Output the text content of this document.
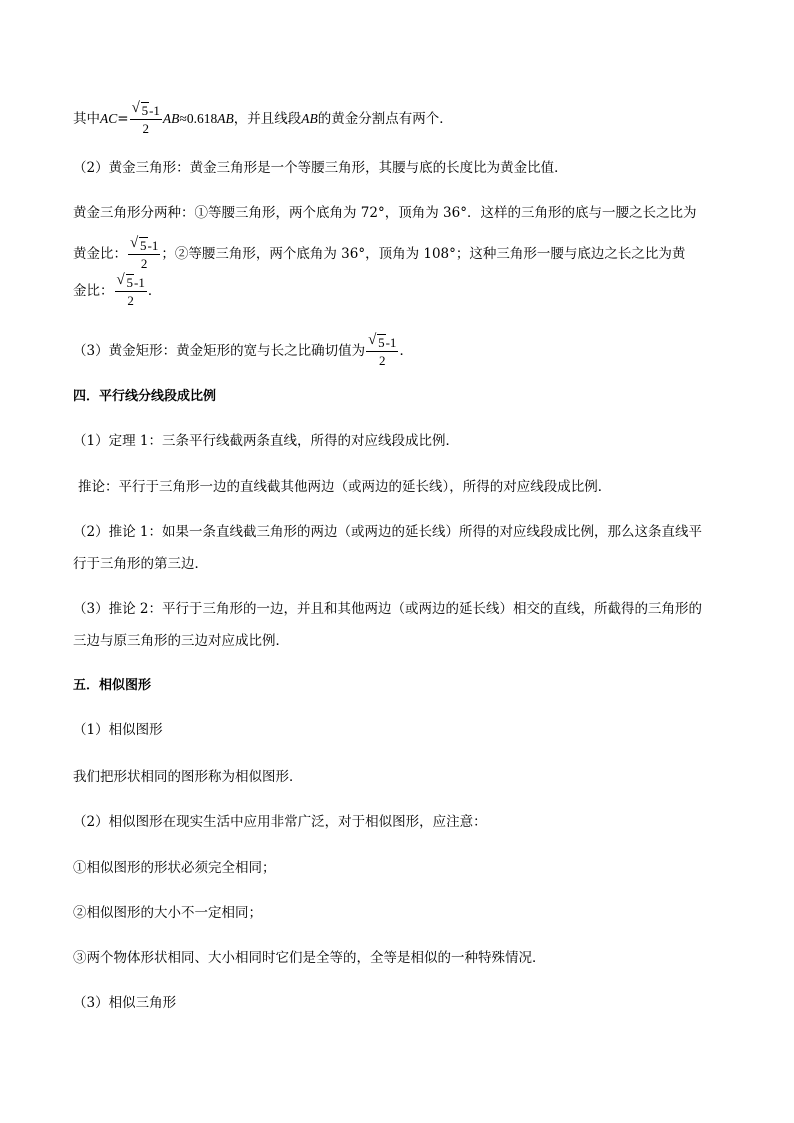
其中$AC= \frac{√ 5-1}{2} AB\approx 0.618AB$，并且线段AB的黄金分割点有两个．
（2）黄金三角形：黄金三角形是一个等腰三角形，其腰与底的长度比为黄金比值．
黄金三角形分两种：①等腰三角形，两个底角为 72°，顶角为 36°．这样的三角形的底与一腰之长之比为
黄金比： $\frac{√ 5-1}{2}$ ；②等腰三角形，两个底角为 36°，顶角为 108°；这种三角形一腰与底边之长之比为黄
金比： $\frac{√ 5-1}{2}$ ．
（3）黄金矩形：黄金矩形的宽与长之比确切值为 $\frac{√ 5-1}{2}$ ．
四．平行线分线段成比例
（1）定理 1：三条平行线截两条直线，所得的对应线段成比例．
推论：平行于三角形一边的直线截其他两边（或两边的延长线），所得的对应线段成比例．
（2）推论 1：如果一条直线截三角形的两边（或两边的延长线）所得的对应线段成比例，那么这条直线平
行于三角形的第三边．
（3）推论 2：平行于三角形的一边，并且和其他两边（或两边的延长线）相交的直线，所截得的三角形的
三边与原三角形的三边对应成比例．
五．相似图形
（1）相似图形
我们把形状相同的图形称为相似图形．
（2）相似图形在现实生活中应用非常广泛，对于相似图形，应注意：
①相似图形的形状必须完全相同；
②相似图形的大小不一定相同；
③两个物体形状相同、大小相同时它们是全等的，全等是相似的一种特殊情况．
（3）相似三角形
